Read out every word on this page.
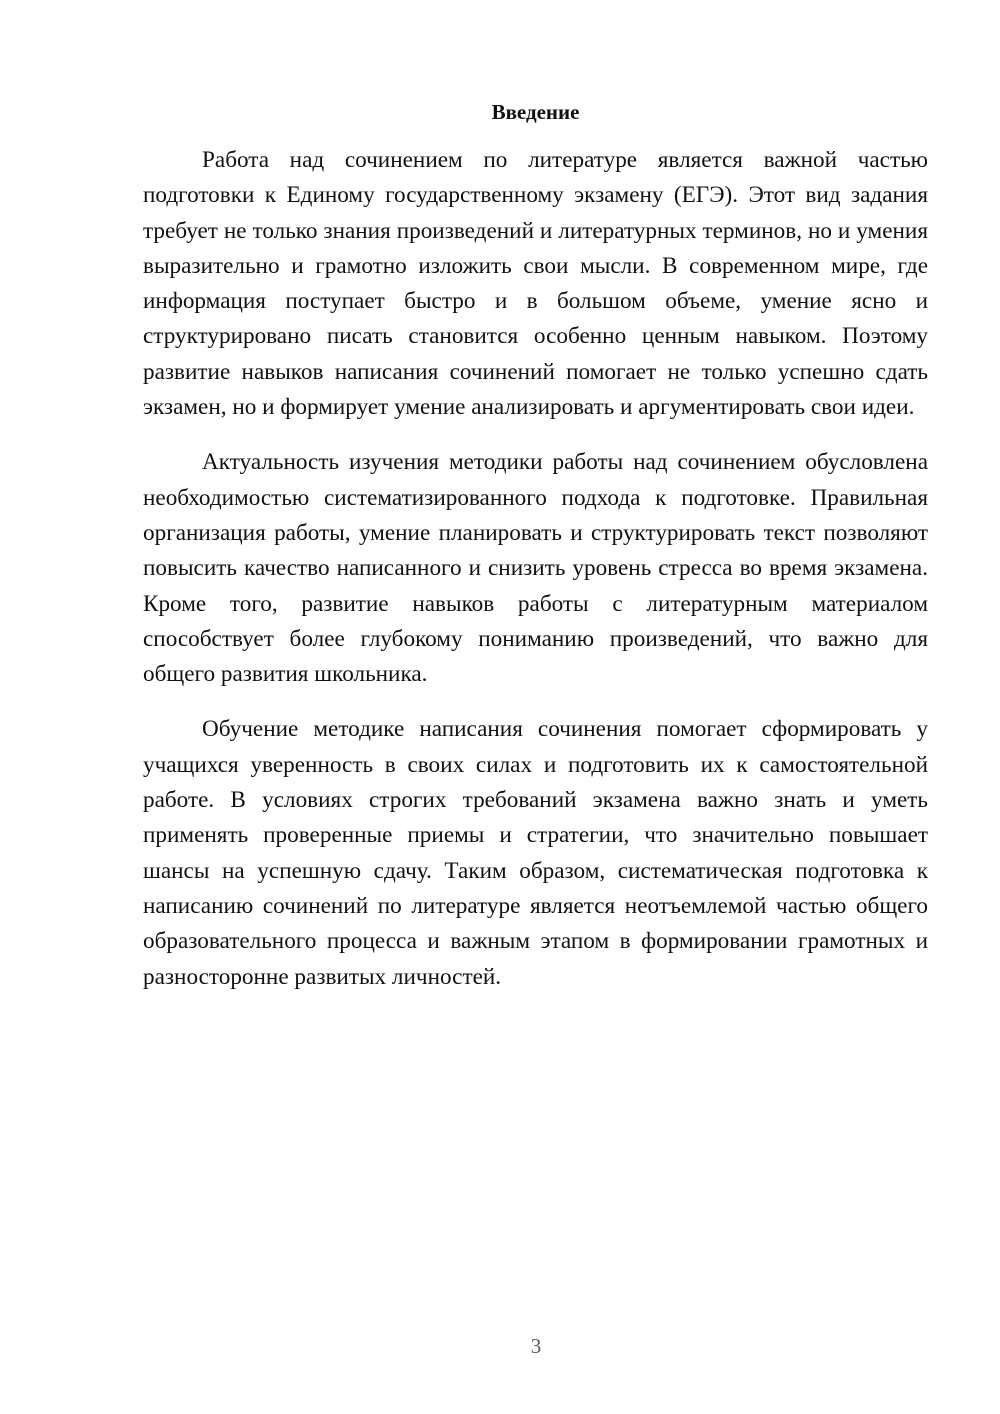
Введение

Работа над сочинением по литературе является важной частью подготовки к Единому государственному экзамену (ЕГЭ). Этот вид задания требует не только знания произведений и литературных терминов, но и умения выразительно и грамотно изложить свои мысли. В современном мире, где информация поступает быстро и в большом объеме, умение ясно и структурировано писать становится особенно ценным навыком. Поэтому развитие навыков написания сочинений помогает не только успешно сдать экзамен, но и формирует умение анализировать и аргументировать свои идеи.

Актуальность изучения методики работы над сочинением обусловлена необходимостью систематизированного подхода к подготовке. Правильная организация работы, умение планировать и структурировать текст позволяют повысить качество написанного и снизить уровень стресса во время экзамена. Кроме того, развитие навыков работы с литературным материалом способствует более глубокому пониманию произведений, что важно для общего развития школьника.

Обучение методике написания сочинения помогает сформировать у учащихся уверенность в своих силах и подготовить их к самостоятельной работе. В условиях строгих требований экзамена важно знать и уметь применять проверенные приемы и стратегии, что значительно повышает шансы на успешную сдачу. Таким образом, систематическая подготовка к написанию сочинений по литературе является неотъемлемой частью общего образовательного процесса и важным этапом в формировании грамотных и разносторонне развитых личностей.

3
